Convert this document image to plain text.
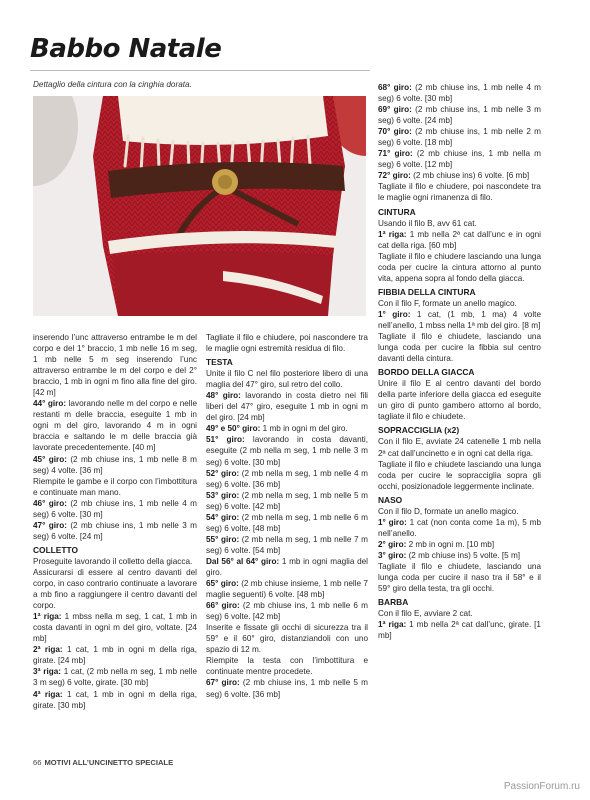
Babbo Natale
Dettaglio della cintura con la cinghia dorata.

inserendo l’unc attraverso entrambe le m del corpo e del 1° braccio, 1 mb nelle 16 m seg, 1 mb nelle 5 m seg inserendo l’unc attraverso entrambe le m del corpo e del 2° braccio, 1 mb in ogni m fino alla fine del giro. [42 m]

44° giro: lavorando nelle m del corpo e nelle restanti m delle braccia, eseguite 1 mb in ogni m del giro, lavorando 4 m in ogni braccia e saltando le m delle braccia già lavorate precedentemente. [40 m]

45° giro: (2 mb chiuse ins, 1 mb nelle 8 m seg) 4 volte. [36 m]

Riempite le gambe e il corpo con l’imbottitura e continuate man mano.

46° giro: (2 mb chiuse ins, 1 mb nelle 4 m seg) 6 volte. [30 m]

47° giro: (2 mb chiuse ins, 1 mb nelle 3 m seg) 6 volte. [24 m]

COLLETTO

Proseguite lavorando il colletto della giacca.

Assicurarsi di essere al centro davanti del corpo, in caso contrario continuate a lavorare a mb fino a raggiungere il centro davanti del corpo.

1ª riga: 1 mbss nella m seg, 1 cat, 1 mb in costa davanti in ogni m del giro, voltate. [24 mb]

2ª riga: 1 cat, 1 mb in ogni m della riga, girate. [24 mb]

3ª riga: 1 cat, (2 mb nella m seg, 1 mb nelle 3 m seg) 6 volte, girate. [30 mb]

4ª riga: 1 cat, 1 mb in ogni m della riga, girate. [30 mb]

Tagliate il filo e chiudere, poi nascondere tra le maglie ogni estremità residua di filo.

TESTA

Unite il filo C nel filo posteriore libero di una maglia del 47° giro, sul retro del collo.

48° giro: lavorando in costa dietro nei fili liberi del 47° giro, eseguite 1 mb in ogni m del giro. [24 mb]

49° e 50° giro: 1 mb in ogni m del giro.

51° giro: lavorando in costa davanti, eseguite (2 mb nella m seg, 1 mb nelle 3 m seg) 6 volte. [30 mb]

52° giro: (2 mb nella m seg, 1 mb nelle 4 m seg) 6 volte. [36 mb]

53° giro: (2 mb nella m seg, 1 mb nelle 5 m seg) 6 volte. [42 mb]

54° giro: (2 mb nella m seg, 1 mb nelle 6 m seg) 6 volte. [48 mb]

55° giro: (2 mb nella m seg, 1 mb nelle 7 m seg) 6 volte. [54 mb]

Dal 56° al 64° giro: 1 mb in ogni maglia del giro.

65° giro: (2 mb chiuse insieme, 1 mb nelle 7 maglie seguenti) 6 volte. [48 mb]

66° giro: (2 mb chiuse ins, 1 mb nelle 6 m seg) 6 volte. [42 mb]

Inserite e fissate gli occhi di sicurezza tra il 59° e il 60° giro, distanziandoli con uno spazio di 12 m.

Riempite la testa con l’imbottitura e continuate mentre procedete.

67° giro: (2 mb chiuse ins, 1 mb nelle 5 m seg) 6 volte. [36 mb]

68° giro: (2 mb chiuse ins, 1 mb nelle 4 m seg) 6 volte. [30 mb]

69° giro: (2 mb chiuse ins, 1 mb nelle 3 m seg) 6 volte. [24 mb]

70° giro: (2 mb chiuse ins, 1 mb nelle 2 m seg) 6 volte. [18 mb]

71° giro: (2 mb chiuse ins, 1 mb nella m seg) 6 volte. [12 mb]

72° giro: (2 mb chiuse ins) 6 volte. [6 mb]

Tagliate il filo e chiudere, poi nascondete tra le maglie ogni rimanenza di filo.

CINTURA

Usando il filo B, avv 61 cat.

1ª riga: 1 mb nella 2ª cat dall’unc e in ogni cat della riga. [60 mb]

Tagliate il filo e chiudere lasciando una lunga coda per cucire la cintura attorno al punto vita, appena sopra al fondo della giacca.

FIBBIA DELLA CINTURA

Con il filo F, formate un anello magico.

1° giro: 1 cat, (1 mb, 1 ma) 4 volte nell’anello, 1 mbss nella 1ª mb del giro. [8 m]

Tagliate il filo e chiudete, lasciando una lunga coda per cucire la fibbia sul centro davanti della cintura.

BORDO DELLA GIACCA

Unire il filo E al centro davanti del bordo della parte inferiore della giacca ed eseguite un giro di punto gambero attorno al bordo, tagliate il filo e chiudete.

SOPRACCIGLIA (x2)

Con il filo E, avviate 24 catenelle 1 mb nella 2ª cat dall’uncinetto e in ogni cat della riga.

Tagliate il filo e chiudete lasciando una lunga coda per cucire le sopracciglia sopra gli occhi, posizionadole leggermente inclinate.

NASO

Con il filo D, formate un anello magico.

1° giro: 1 cat (non conta come 1a m), 5 mb nell’anello.

2° giro: 2 mb in ogni m. [10 mb]

3° giro: (2 mb chiuse ins) 5 volte. [5 m]

Tagliate il filo e chiudete, lasciando una lunga coda per cucire il naso tra il 58° e il 59° giro della testa, tra gli occhi.

BARBA

Con il filo E, avviare 2 cat.

1ª riga: 1 mb nella 2ª cat dall’unc, girate. [1 mb]

66 MOTIVI ALL’UNCINETTO SPECIALE
PassionForum.ru
